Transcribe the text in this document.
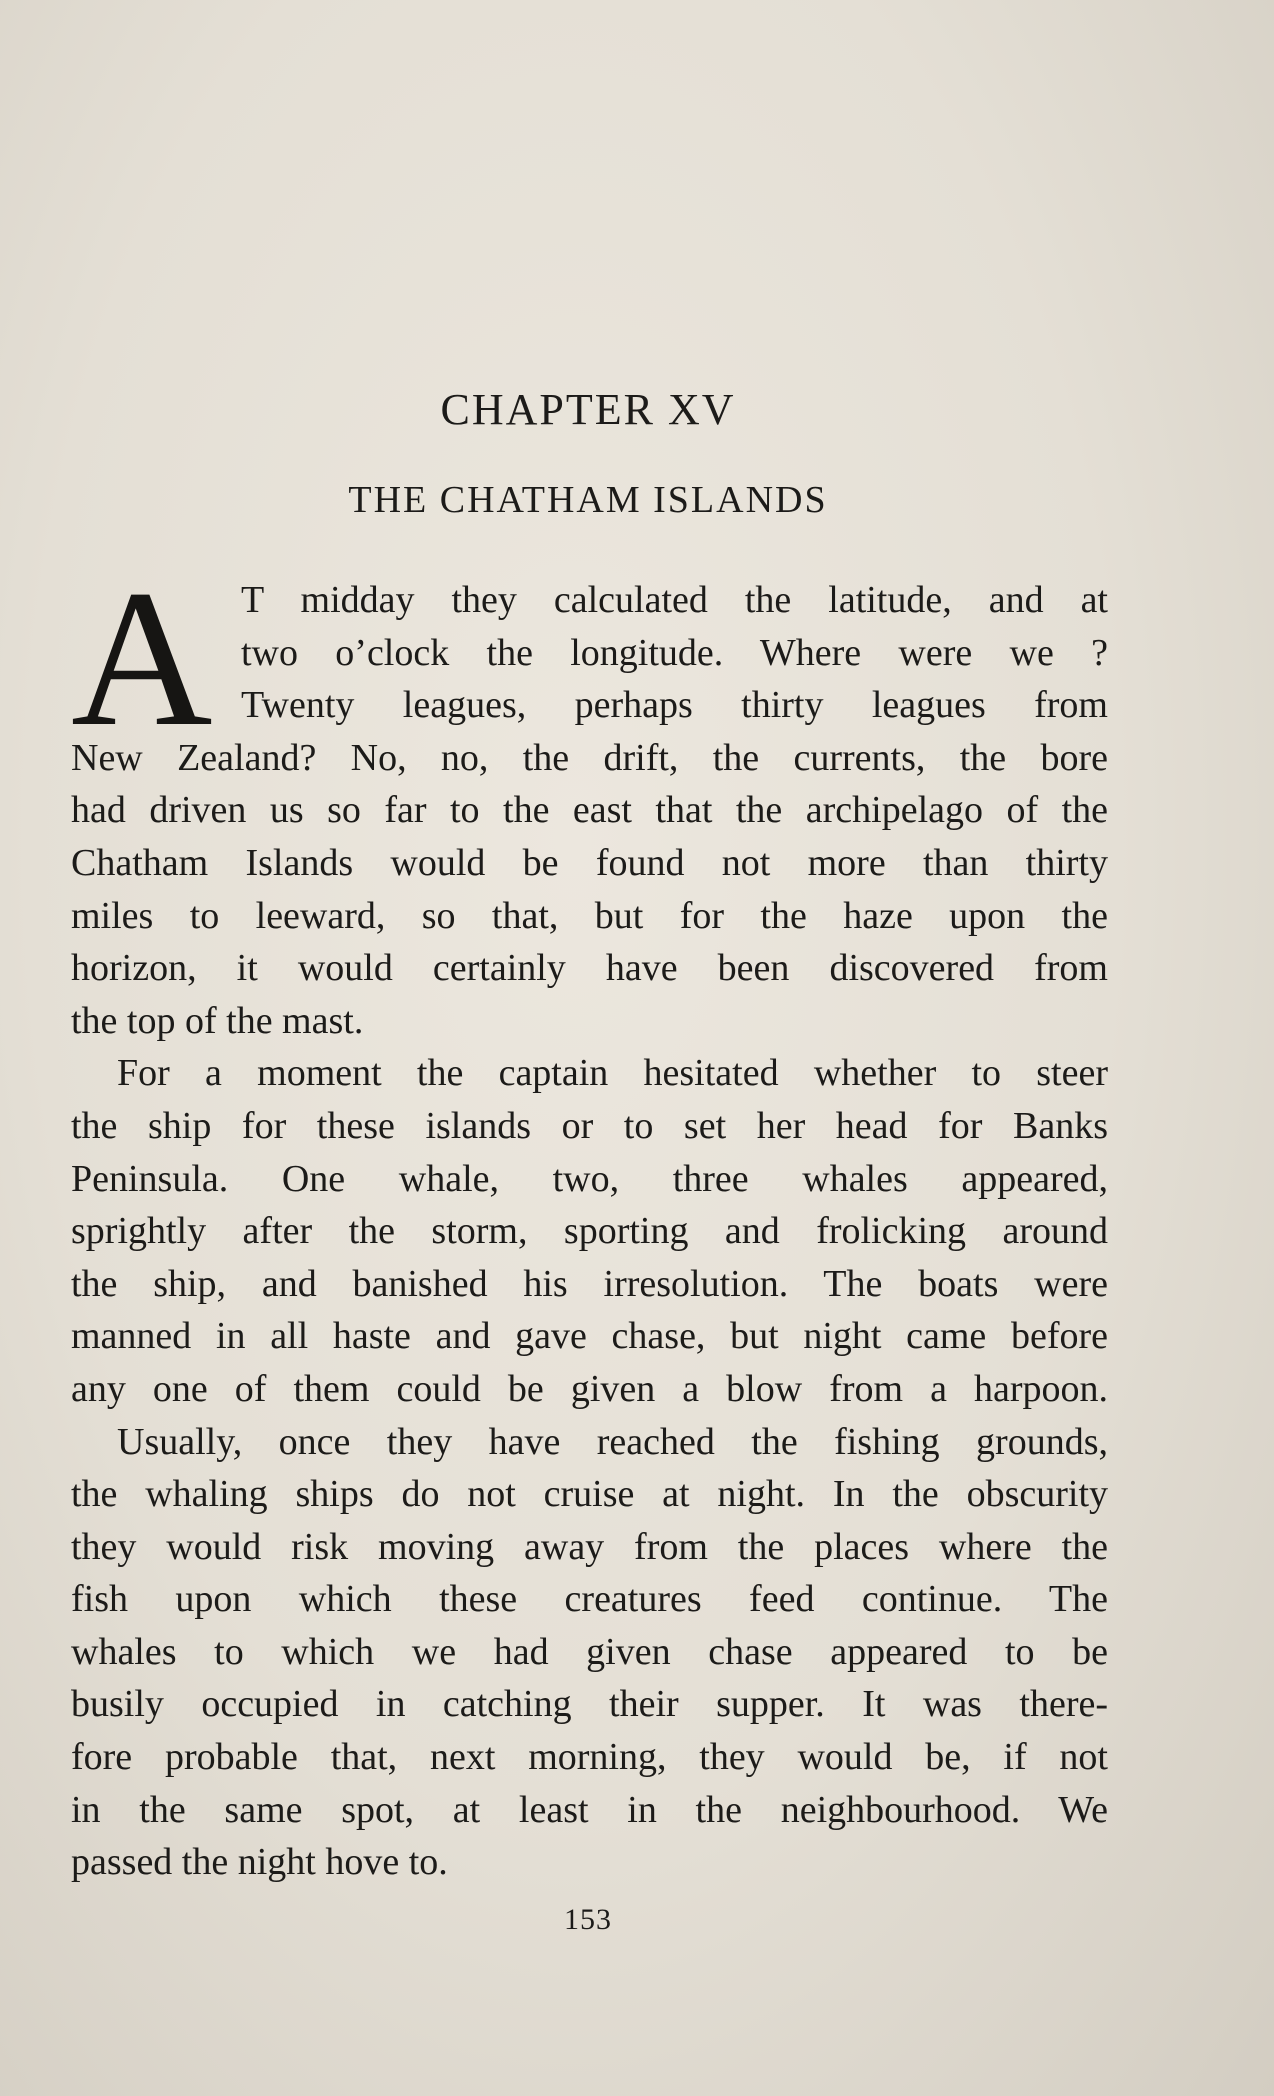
CHAPTER XV
THE CHATHAM ISLANDS
A T midday they calculated the latitude, and at
two o’clock the longitude. Where were we ?
Twenty leagues, perhaps thirty leagues from
New Zealand? No, no, the drift, the currents, the bore
had driven us so far to the east that the archipelago of the
Chatham Islands would be found not more than thirty
miles to leeward, so that, but for the haze upon the
horizon, it would certainly have been discovered from
the top of the mast.
For a moment the captain hesitated whether to steer
the ship for these islands or to set her head for Banks
Peninsula. One whale, two, three whales appeared,
sprightly after the storm, sporting and frolicking around
the ship, and banished his irresolution. The boats were
manned in all haste and gave chase, but night came before
any one of them could be given a blow from a harpoon.
Usually, once they have reached the fishing grounds,
the whaling ships do not cruise at night. In the obscurity
they would risk moving away from the places where the
fish upon which these creatures feed continue. The
whales to which we had given chase appeared to be
busily occupied in catching their supper. It was there-
fore probable that, next morning, they would be, if not
in the same spot, at least in the neighbourhood. We
passed the night hove to.
153
